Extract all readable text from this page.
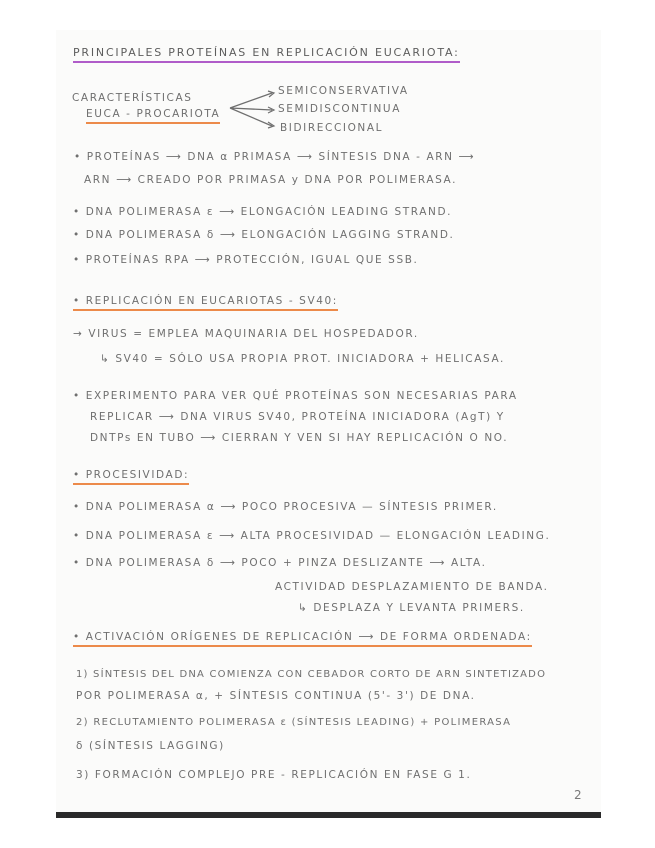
PRINCIPALES PROTEÍNAS EN REPLICACIÓN EUCARIOTA:
CARACTERÍSTICAS
EUCA - PROCARIOTA
SEMICONSERVATIVA
SEMIDISCONTINUA
BIDIRECCIONAL
• PROTEÍNAS ⟶ DNA α PRIMASA ⟶ SÍNTESIS DNA - ARN ⟶
ARN ⟶ CREADO POR PRIMASA y DNA POR POLIMERASA.
• DNA POLIMERASA ε ⟶ ELONGACIÓN LEADING STRAND.
• DNA POLIMERASA δ ⟶ ELONGACIÓN LAGGING STRAND.
• PROTEÍNAS RPA ⟶ PROTECCIÓN, IGUAL QUE SSB.
• REPLICACIÓN EN EUCARIOTAS - SV40:
→ VIRUS = EMPLEA MAQUINARIA DEL HOSPEDADOR.
↳ SV40 = SÓLO USA PROPIA PROT. INICIADORA + HELICASA.
• EXPERIMENTO PARA VER QUÉ PROTEÍNAS SON NECESARIAS PARA
REPLICAR ⟶ DNA VIRUS SV40, PROTEÍNA INICIADORA (AgT) Y
DNTPs EN TUBO ⟶ CIERRAN Y VEN SI HAY REPLICACIÓN O NO.
• PROCESIVIDAD:
• DNA POLIMERASA α ⟶ POCO PROCESIVA — SÍNTESIS PRIMER.
• DNA POLIMERASA ε ⟶ ALTA PROCESIVIDAD — ELONGACIÓN LEADING.
• DNA POLIMERASA δ ⟶ POCO + PINZA DESLIZANTE ⟶ ALTA.
ACTIVIDAD DESPLAZAMIENTO DE BANDA.
↳ DESPLAZA Y LEVANTA PRIMERS.
• ACTIVACIÓN ORÍGENES DE REPLICACIÓN ⟶ DE FORMA ORDENADA:
1) SÍNTESIS DEL DNA COMIENZA CON CEBADOR CORTO DE ARN SINTETIZADO
POR POLIMERASA α, + SÍNTESIS CONTINUA (5'- 3') DE DNA.
2) RECLUTAMIENTO POLIMERASA ε (SÍNTESIS LEADING) + POLIMERASA
δ (SÍNTESIS LAGGING)
3) FORMACIÓN COMPLEJO PRE - REPLICACIÓN EN FASE G 1.
2
